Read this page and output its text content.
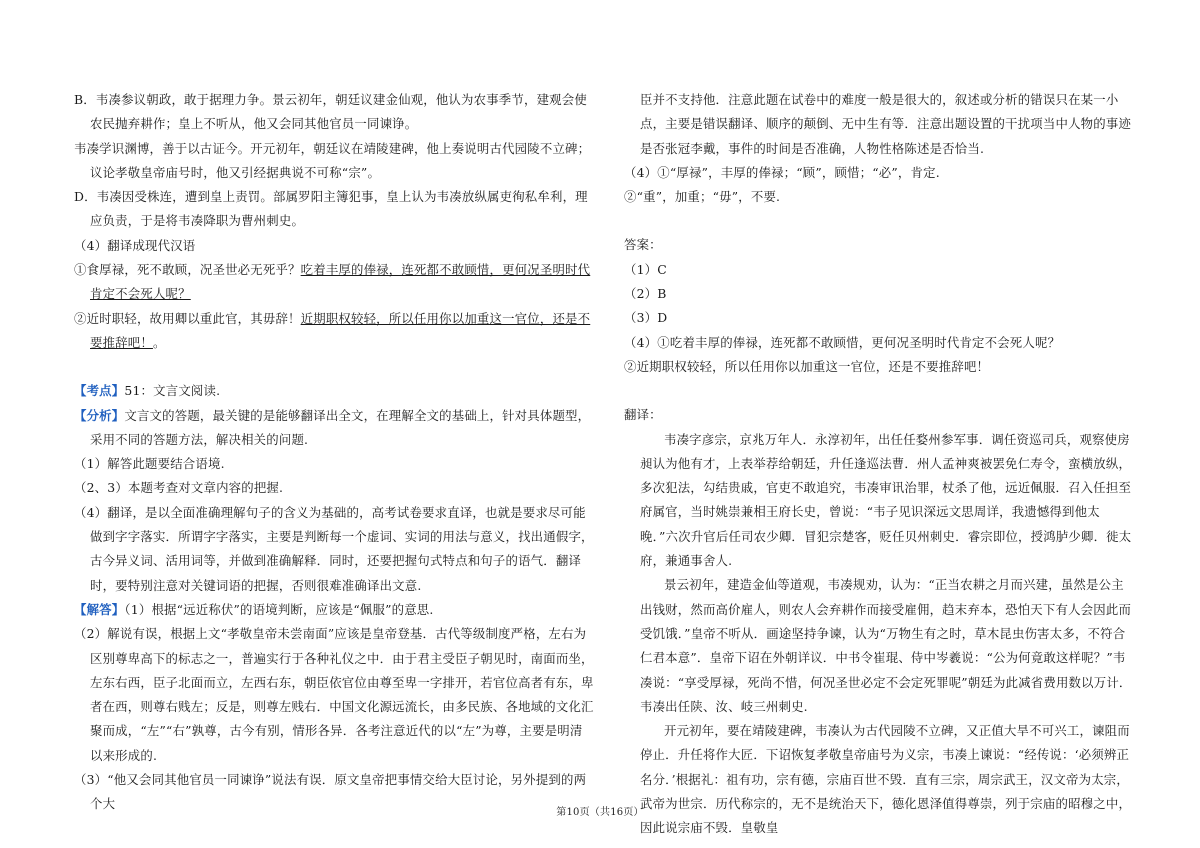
B．韦凑参议朝政，敢于据理力争。景云初年，朝廷议建金仙观，他认为农事季节，建观会使农民抛弃耕作；皇上不听从，他又会同其他官员一同谏诤。

韦凑学识渊博，善于以古证今。开元初年，朝廷议在靖陵建碑，他上奏说明古代园陵不立碑；议论孝敬皇帝庙号时，他又引经据典说不可称“宗”。

D．韦凑因受株连，遭到皇上责罚。部属罗阳主簿犯事，皇上认为韦凑放纵属吏徇私牟利，理应负责，于是将韦凑降职为曹州刺史。

（4）翻译成现代汉语

①食厚禄，死不敢顾，况圣世必无死乎？吃着丰厚的俸禄，连死都不敢顾惜，更何况圣明时代肯定不会死人呢？

②近时职轻，故用卿以重此官，其毋辞！近期职权较轻，所以任用你以加重这一官位，还是不要推辞吧！。

【考点】51：文言文阅读.

【分析】文言文的答题，最关键的是能够翻译出全文，在理解全文的基础上，针对具体题型，采用不同的答题方法，解决相关的问题.

（1）解答此题要结合语境.

（2、3）本题考查对文章内容的把握.

（4）翻译，是以全面准确理解句子的含义为基础的，高考试卷要求直译，也就是要求尽可能做到字字落实．所谓字字落实，主要是判断每一个虚词、实词的用法与意义，找出通假字，古今异义词、活用词等，并做到准确解释．同时，还要把握句式特点和句子的语气．翻译时，要特别注意对关键词语的把握，否则很难准确译出文意.

【解答】（1）根据“远近称伏”的语境判断，应该是“佩服”的意思.

（2）解说有误，根据上文“孝敬皇帝未尝南面”应该是皇帝登基．古代等级制度严格，左右为区别尊卑高下的标志之一，普遍实行于各种礼仪之中．由于君主受臣子朝见时，南面而坐，左东右西，臣子北面而立，左西右东，朝臣依官位由尊至卑一字排开，若官位高者有东，卑者在西，则尊右贱左；反是，则尊左贱右．中国文化源远流长，由多民族、各地域的文化汇聚而成，“左”“右”孰尊，古今有别，情形各异．各考注意近代的以“左”为尊，主要是明清以来形成的.

（3）“他又会同其他官员一同谏诤”说法有误．原文皇帝把事情交给大臣讨论，另外提到的两个大

臣并不支持他．注意此题在试卷中的难度一般是很大的，叙述或分析的错误只在某一小点，主要是错误翻译、顺序的颠倒、无中生有等．注意出题设置的干扰项当中人物的事迹是否张冠李戴，事件的时间是否准确，人物性格陈述是否恰当.

（4）①“厚禄”，丰厚的俸禄；“顾”，顾惜；“必”，肯定.

②“重”，加重；“毋”，不要.

答案：

（1）C

（2）B

（3）D

（4）①吃着丰厚的俸禄，连死都不敢顾惜，更何况圣明时代肯定不会死人呢？

②近期职权较轻，所以任用你以加重这一官位，还是不要推辞吧！

翻译：

韦凑字彦宗，京兆万年人．永淳初年，出任任婺州参军事．调任资巡司兵，观察使房昶认为他有才，上表举荐给朝廷，升任逢巡法曹．州人孟神爽被罢免仁寿令，蛮横放纵，多次犯法，勾结贵戚，官吏不敢追究，韦凑审讯治罪，杖杀了他，远近佩服．召入任担至府属官，当时姚崇兼相王府长史，曾说：“韦子见识深远文思周详，我遗憾得到他太晚．”六次升官后任司农少卿．冒犯宗楚客，贬任贝州刺史．睿宗即位，授鸿胪少卿．徙太府，兼通事舍人.

景云初年，建造金仙等道观，韦凑规劝，认为：“正当农耕之月而兴建，虽然是公主出钱财，然而高价雇人，则农人会弃耕作而接受雇佣，趋末弃本，恐怕天下有人会因此而受饥饿．”皇帝不听从．画途坚持争谏，认为“万物生有之时，草木昆虫伤害太多，不符合仁君本意”．皇帝下诏在外朝详议．中书令崔琨、侍中岑羲说：“公为何竟敢这样呢？”韦凑说：“享受厚禄，死尚不惜，何况圣世必定不会定死罪呢”朝廷为此减省费用数以万计．韦凑出任陕、汝、岐三州刺史.

开元初年，要在靖陵建碑，韦凑认为古代园陵不立碑，又正值大旱不可兴工，谏阻而停止．升任将作大匠．下诏恢复孝敬皇帝庙号为义宗，韦凑上谏说：“经传说：‘必须辨正名分．’根据礼：祖有功，宗有德，宗庙百世不毁．直有三宗，周宗武王，汉文帝为太宗，武帝为世宗．历代称宗的，无不是统治天下，德化恩泽值得尊崇，列于宗庙的昭穆之中，因此说宗庙不毁．皇敬皇

第10页（共16页）
